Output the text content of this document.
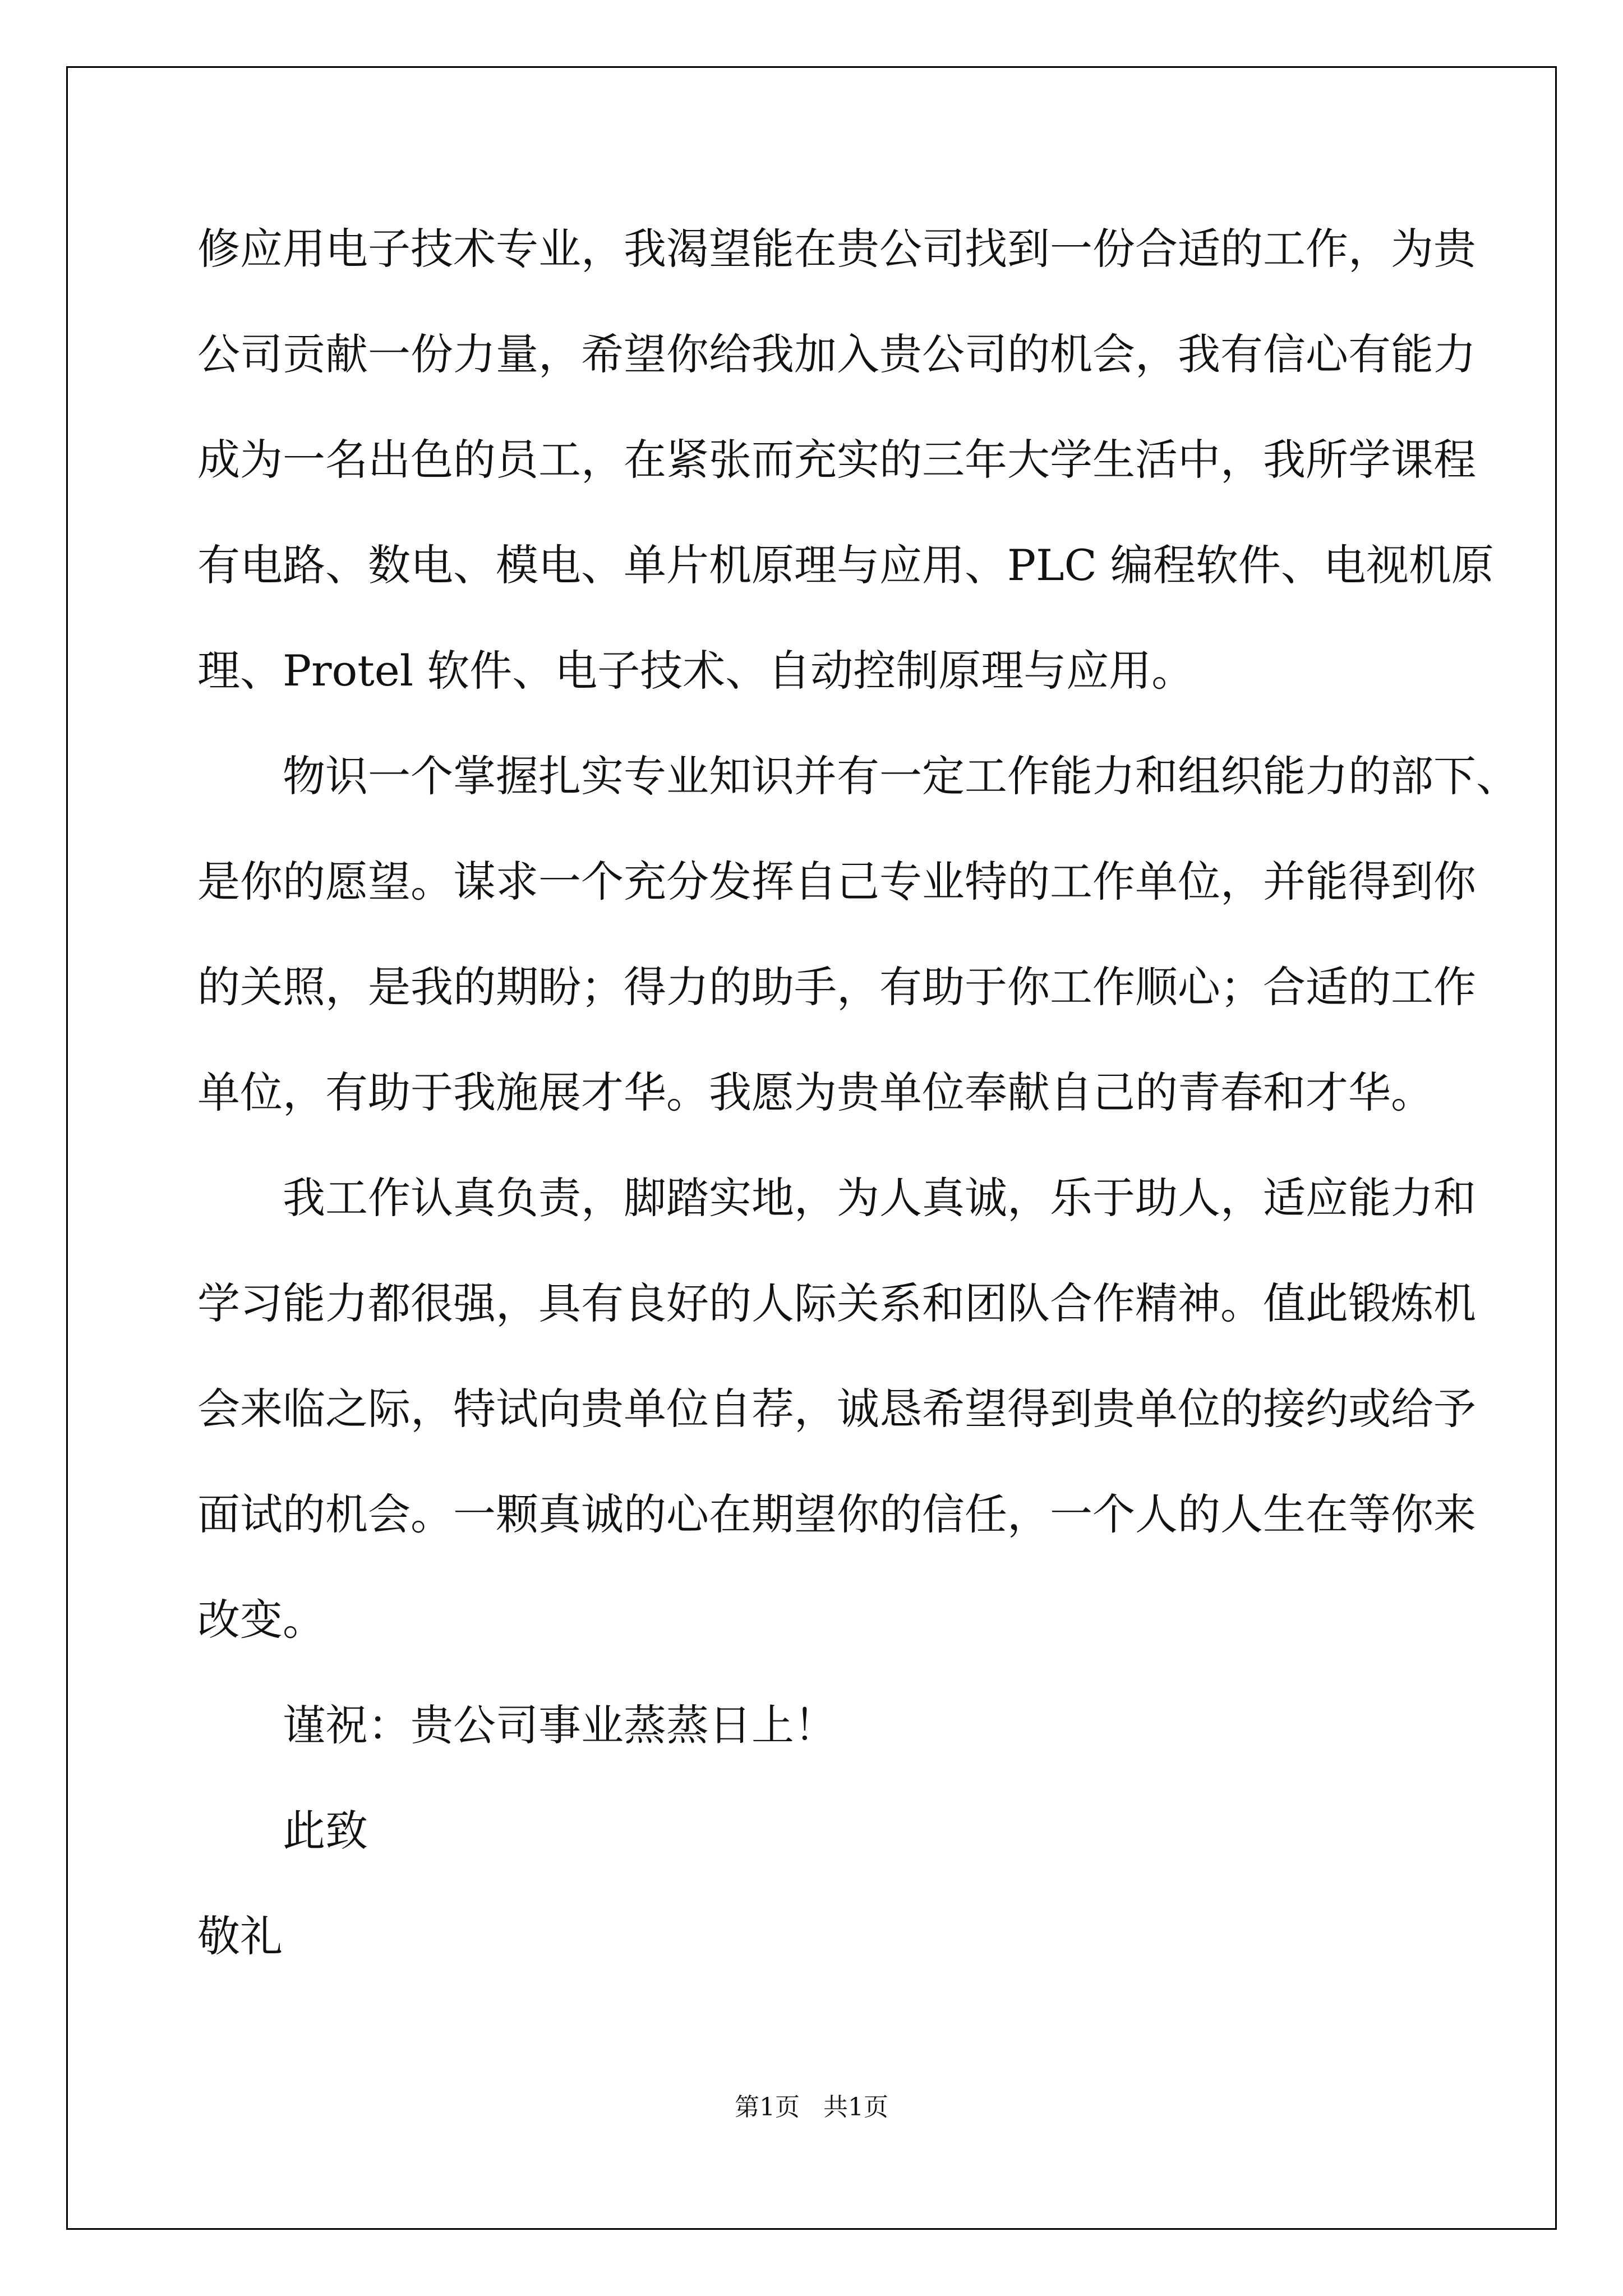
修应用电子技术专业，我渴望能在贵公司找到一份合适的工作，为贵
公司贡献一份力量，希望你给我加入贵公司的机会，我有信心有能力
成为一名出色的员工，在紧张而充实的三年大学生活中，我所学课程
有电路、数电、模电、单片机原理与应用、PLC 编程软件、电视机原
理、Protel 软件、电子技术、自动控制原理与应用。
物识一个掌握扎实专业知识并有一定工作能力和组织能力的部下、
是你的愿望。谋求一个充分发挥自己专业特的工作单位，并能得到你
的关照，是我的期盼；得力的助手，有助于你工作顺心；合适的工作
单位，有助于我施展才华。我愿为贵单位奉献自己的青春和才华。
我工作认真负责，脚踏实地，为人真诚，乐于助人，适应能力和
学习能力都很强，具有良好的人际关系和团队合作精神。值此锻炼机
会来临之际，特试向贵单位自荐，诚恳希望得到贵单位的接约或给予
面试的机会。一颗真诚的心在期望你的信任，一个人的人生在等你来
改变。
谨祝：贵公司事业蒸蒸日上！
此致
敬礼
第1页   共1页
